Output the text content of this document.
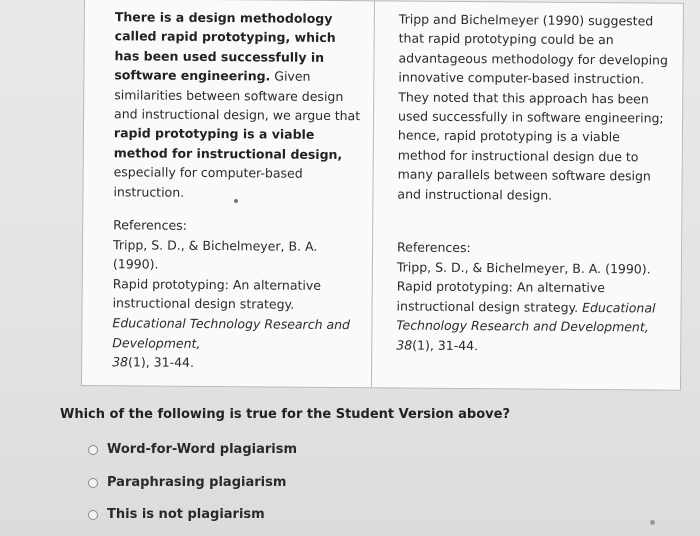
There is a design methodology called rapid prototyping, which has been used successfully in software engineering. Given similarities between software design and instructional design, we argue that rapid prototyping is a viable method for instructional design, especially for computer-based instruction.

References:
Tripp, S. D., & Bichelmeyer, B. A. (1990).
Rapid prototyping: An alternative
instructional design strategy. Educational Technology Research and Development,
38(1), 31-44.

Tripp and Bichelmeyer (1990) suggested that rapid prototyping could be an advantageous methodology for developing innovative computer-based instruction. They noted that this approach has been used successfully in software engineering; hence, rapid prototyping is a viable method for instructional design due to many parallels between software design and instructional design.

References:
Tripp, S. D., & Bichelmeyer, B. A. (1990).
Rapid prototyping: An alternative
instructional design strategy. Educational Technology Research and Development,
38(1), 31-44.

Which of the following is true for the Student Version above?
Word-for-Word plagiarism
Paraphrasing plagiarism
This is not plagiarism
